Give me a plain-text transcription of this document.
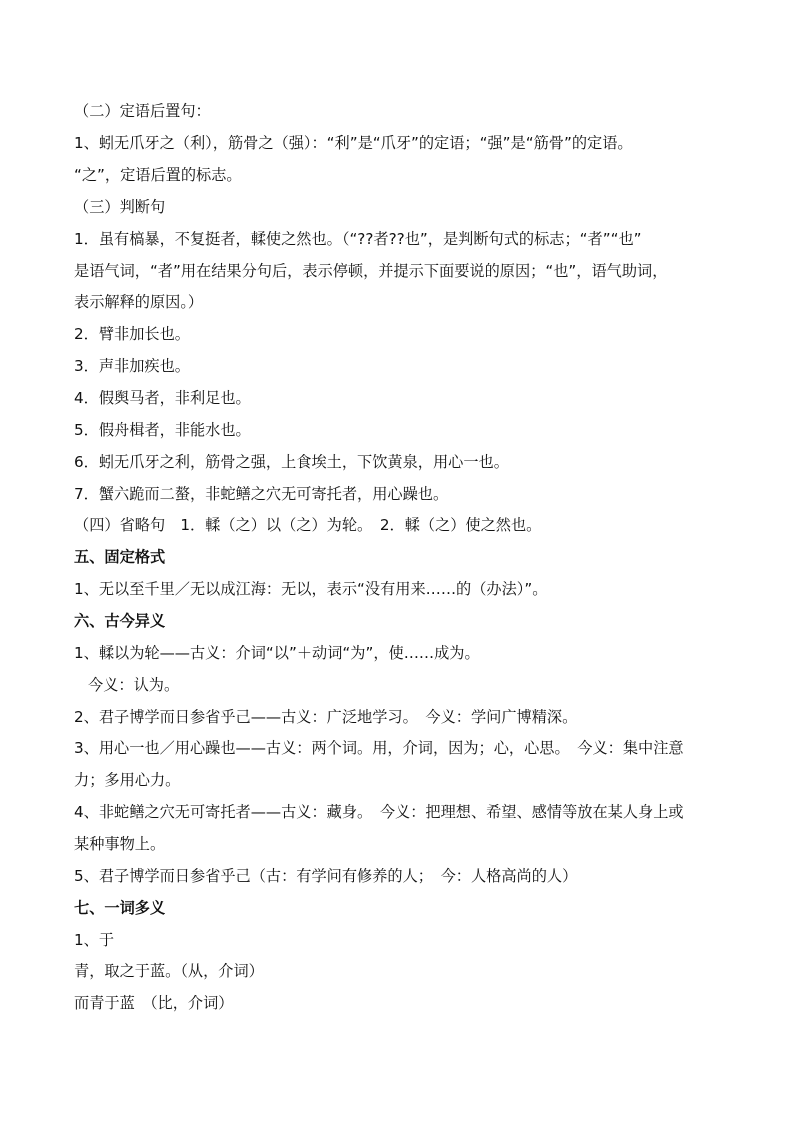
（二）定语后置句：
1、蚓无爪牙之（利），筋骨之（强）：“利”是“爪牙”的定语；“强”是“筋骨”的定语。
“之”，定语后置的标志。
（三）判断句
1．虽有槁暴，不复挺者，輮使之然也。（“??者??也”，是判断句式的标志；“者”“也”
是语气词，“者”用在结果分句后，表示停顿，并提示下面要说的原因；“也”，语气助词，
表示解释的原因。）
2．臂非加长也。
3．声非加疾也。
4．假舆马者，非利足也。
5．假舟楫者，非能水也。
6．蚓无爪牙之利，筋骨之强，上食埃土，下饮黄泉，用心一也。
7．蟹六跪而二螯，非蛇鳝之穴无可寄托者，用心躁也。
（四）省略句　1．輮（之）以（之）为轮。　2．輮（之）使之然也。
五、固定格式
1、无以至千里／无以成江海：无以，表示“没有用来……的（办法）”。
六、古今异义
1、輮以为轮——古义：介词“以”＋动词“为”，使……成为。
今义：认为。
2、君子博学而日参省乎己——古义：广泛地学习。　今义：学问广博精深。
3、用心一也／用心躁也——古义：两个词。用，介词，因为；心，心思。　今义：集中注意
力；多用心力。
4、非蛇鳝之穴无可寄托者——古义：藏身。　今义：把理想、希望、感情等放在某人身上或
某种事物上。
5、君子博学而日参省乎己（古：有学问有修养的人；　今：人格高尚的人）
七、一词多义
1、于
青，取之于蓝。（从，介词）
而青于蓝　（比，介词）
